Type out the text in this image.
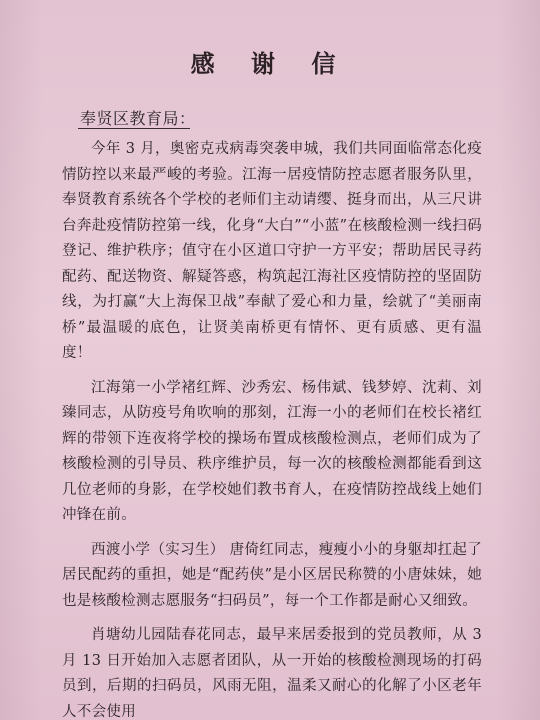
感 谢 信
奉贤区教育局：

今年 3 月，奥密克戎病毒突袭申城，我们共同面临常态化疫情防控以来最严峻的考验。江海一居疫情防控志愿者服务队里，奉贤教育系统各个学校的老师们主动请缨、挺身而出，从三尺讲台奔赴疫情防控第一线，化身“大白”“小蓝”在核酸检测一线扫码登记、维护秩序；值守在小区道口守护一方平安；帮助居民寻药配药、配送物资、解疑答惑，构筑起江海社区疫情防控的坚固防线，为打赢“大上海保卫战”奉献了爱心和力量，绘就了“美丽南桥”最温暖的底色，让贤美南桥更有情怀、更有质感、更有温度！

江海第一小学褚红辉、沙秀宏、杨伟斌、钱梦婷、沈莉、刘臻同志，从防疫号角吹响的那刻，江海一小的老师们在校长褚红辉的带领下连夜将学校的操场布置成核酸检测点，老师们成为了核酸检测的引导员、秩序维护员，每一次的核酸检测都能看到这几位老师的身影，在学校她们教书育人，在疫情防控战线上她们冲锋在前。

西渡小学（实习生） 唐倚红同志，瘦瘦小小的身躯却扛起了居民配药的重担，她是“配药侠”是小区居民称赞的小唐妹妹，她也是核酸检测志愿服务“扫码员”，每一个工作都是耐心又细致。

肖塘幼儿园陆春花同志，最早来居委报到的党员教师，从 3 月 13 日开始加入志愿者团队，从一开始的核酸检测现场的打码员到，后期的扫码员，风雨无阻，温柔又耐心的化解了小区老年人不会使用
